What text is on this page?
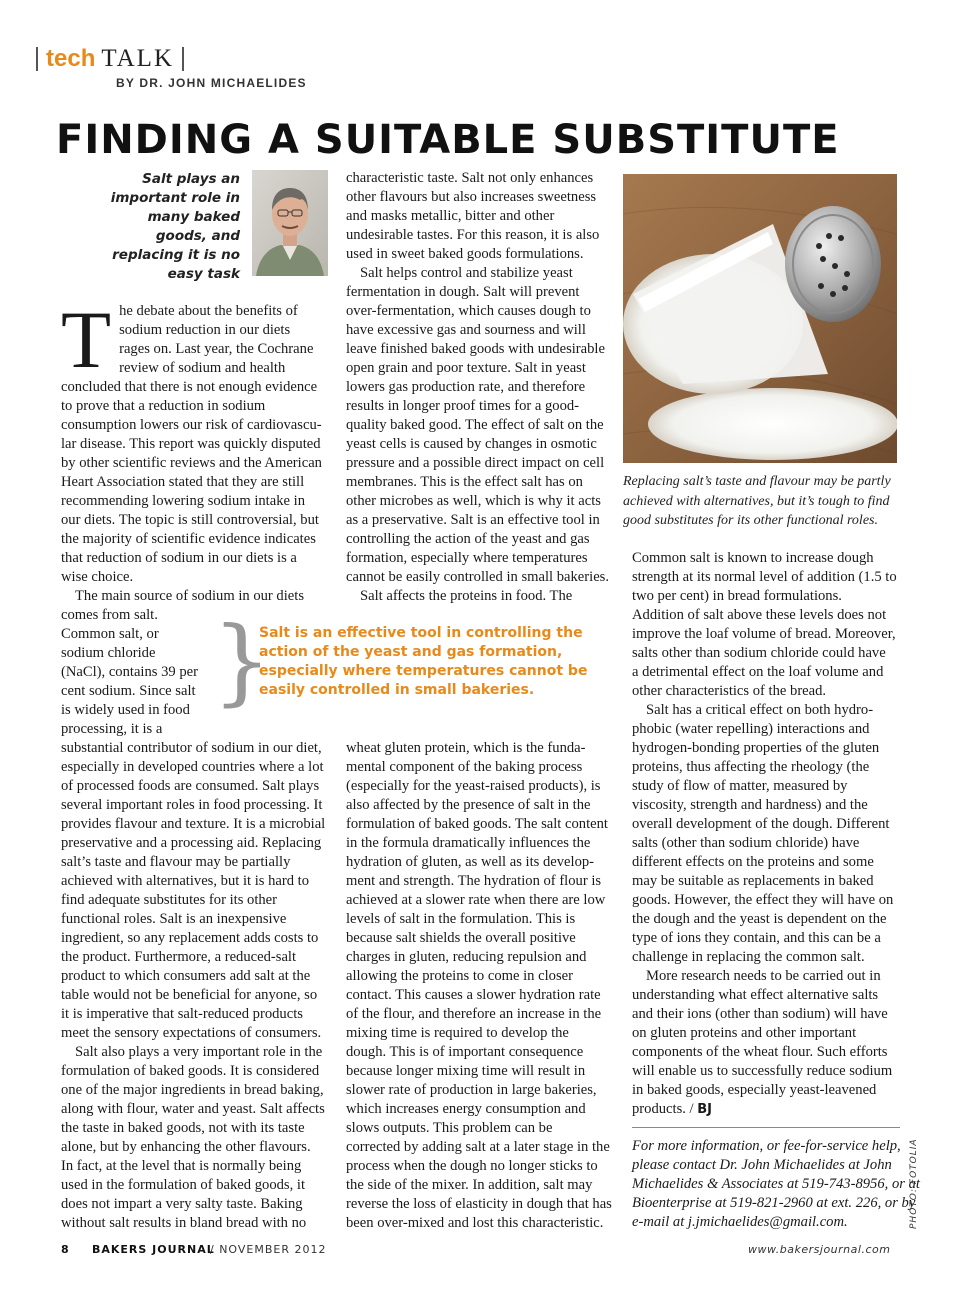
tech TALK
BY DR. JOHN MICHAELIDES
FINDING A SUITABLE SUBSTITUTE
Salt plays an
important role in
many baked
goods, and
replacing it is no
easy task
T he debate about the benefits of
sodium reduction in our diets
rages on. Last year, the Cochrane
review of sodium and health
concluded that there is not enough evidence
to prove that a reduction in sodium
consumption lowers our risk of cardiovascu-
lar disease. This report was quickly disputed
by other scientific reviews and the American
Heart Association stated that they are still
recommending lowering sodium intake in
our diets. The topic is still controversial, but
the majority of scientific evidence indicates
that reduction of sodium in our diets is a
wise choice.
The main source of sodium in our diets
comes from salt.
Common salt, or
sodium chloride
(NaCl), contains 39 per
cent sodium. Since salt
is widely used in food
processing, it is a
}
Salt is an effective tool in controlling the
action of the yeast and gas formation,
especially where temperatures cannot be
easily controlled in small bakeries.
substantial contributor of sodium in our diet,
especially in developed countries where a lot
of processed foods are consumed. Salt plays
several important roles in food processing. It
provides flavour and texture. It is a microbial
preservative and a processing aid. Replacing
salt’s taste and flavour may be partially
achieved with alternatives, but it is hard to
find adequate substitutes for its other
functional roles. Salt is an inexpensive
ingredient, so any replacement adds costs to
the product. Furthermore, a reduced-salt
product to which consumers add salt at the
table would not be beneficial for anyone, so
it is imperative that salt-reduced products
meet the sensory expectations of consumers.
Salt also plays a very important role in the
formulation of baked goods. It is considered
one of the major ingredients in bread baking,
along with flour, water and yeast. Salt affects
the taste in baked goods, not with its taste
alone, but by enhancing the other flavours.
In fact, at the level that is normally being
used in the formulation of baked goods, it
does not impart a very salty taste. Baking
without salt results in bland bread with no
characteristic taste. Salt not only enhances
other flavours but also increases sweetness
and masks metallic, bitter and other
undesirable tastes. For this reason, it is also
used in sweet baked goods formulations.
Salt helps control and stabilize yeast
fermentation in dough. Salt will prevent
over-fermentation, which causes dough to
have excessive gas and sourness and will
leave finished baked goods with undesirable
open grain and poor texture. Salt in yeast
lowers gas production rate, and therefore
results in longer proof times for a good-
quality baked good. The effect of salt on the
yeast cells is caused by changes in osmotic
pressure and a possible direct impact on cell
membranes. This is the effect salt has on
other microbes as well, which is why it acts
as a preservative. Salt is an effective tool in
controlling the action of the yeast and gas
formation, especially where temperatures
cannot be easily controlled in small bakeries.
Salt affects the proteins in food. The
wheat gluten protein, which is the funda-
mental component of the baking process
(especially for the yeast-raised products), is
also affected by the presence of salt in the
formulation of baked goods. The salt content
in the formula dramatically influences the
hydration of gluten, as well as its develop-
ment and strength. The hydration of flour is
achieved at a slower rate when there are low
levels of salt in the formulation. This is
because salt shields the overall positive
charges in gluten, reducing repulsion and
allowing the proteins to come in closer
contact. This causes a slower hydration rate
of the flour, and therefore an increase in the
mixing time is required to develop the
dough. This is of important consequence
because longer mixing time will result in
slower rate of production in large bakeries,
which increases energy consumption and
slows outputs. This problem can be
corrected by adding salt at a later stage in the
process when the dough no longer sticks to
the side of the mixer. In addition, salt may
reverse the loss of elasticity in dough that has
been over-mixed and lost this characteristic.
Replacing salt’s taste and flavour may be partly
achieved with alternatives, but it’s tough to find
good substitutes for its other functional roles.
Common salt is known to increase dough
strength at its normal level of addition (1.5 to
two per cent) in bread formulations.
Addition of salt above these levels does not
improve the loaf volume of bread. Moreover,
salts other than sodium chloride could have
a detrimental effect on the loaf volume and
other characteristics of the bread.
Salt has a critical effect on both hydro-
phobic (water repelling) interactions and
hydrogen-bonding properties of the gluten
proteins, thus affecting the rheology (the
study of flow of matter, measured by
viscosity, strength and hardness) and the
overall development of the dough. Different
salts (other than sodium chloride) have
different effects on the proteins and some
may be suitable as replacements in baked
goods. However, the effect they will have on
the dough and the yeast is dependent on the
type of ions they contain, and this can be a
challenge in replacing the common salt.
More research needs to be carried out in
understanding what effect alternative salts
and their ions (other than sodium) will have
on gluten proteins and other important
components of the wheat flour. Such efforts
will enable us to successfully reduce sodium
in baked goods, especially yeast-leavened
products. / BJ
For more information, or fee-for-service help,
please contact Dr. John Michaelides at John
Michaelides & Associates at 519-743-8956, or at
Bioenterprise at 519-821-2960 at ext. 226, or by
e-mail at j.jmichaelides@gmail.com.	PHOTO: FOTOLIA
8 BAKERS JOURNAL
/ NOVEMBER 2012	www.bakersjournal.com
